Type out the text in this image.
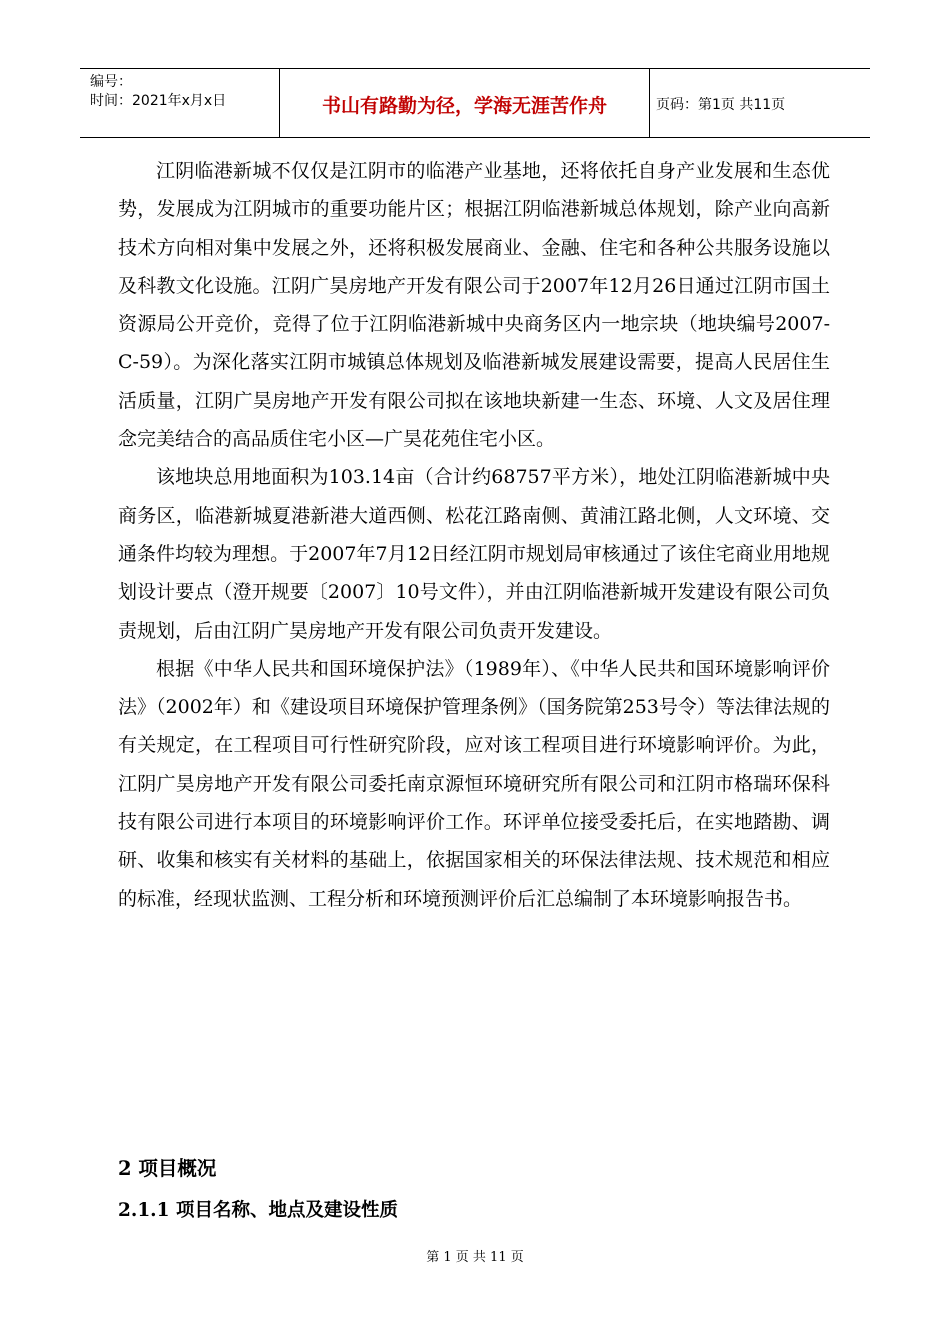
编号：
时间：2021年x月x日	书山有路勤为径，学海无涯苦作舟	页码：第1页 共11页

江阴临港新城不仅仅是江阴市的临港产业基地，还将依托自身产业发展和生态优势，发展成为江阴城市的重要功能片区；根据江阴临港新城总体规划，除产业向高新技术方向相对集中发展之外，还将积极发展商业、金融、住宅和各种公共服务设施以及科教文化设施。江阴广昊房地产开发有限公司于2007年12月26日通过江阴市国土资源局公开竞价，竞得了位于江阴临港新城中央商务区内一地宗块（地块编号2007-C-59）。为深化落实江阴市城镇总体规划及临港新城发展建设需要，提高人民居住生活质量，江阴广昊房地产开发有限公司拟在该地块新建一生态、环境、人文及居住理念完美结合的高品质住宅小区—广昊花苑住宅小区。

该地块总用地面积为103.14亩（合计约68757平方米），地处江阴临港新城中央商务区，临港新城夏港新港大道西侧、松花江路南侧、黄浦江路北侧，人文环境、交通条件均较为理想。于2007年7月12日经江阴市规划局审核通过了该住宅商业用地规划设计要点（澄开规要〔2007〕10号文件），并由江阴临港新城开发建设有限公司负责规划，后由江阴广昊房地产开发有限公司负责开发建设。

根据《中华人民共和国环境保护法》（1989年）、《中华人民共和国环境影响评价法》（2002年）和《建设项目环境保护管理条例》（国务院第253号令）等法律法规的有关规定，在工程项目可行性研究阶段，应对该工程项目进行环境影响评价。为此，江阴广昊房地产开发有限公司委托南京源恒环境研究所有限公司和江阴市格瑞环保科技有限公司进行本项目的环境影响评价工作。环评单位接受委托后，在实地踏勘、调研、收集和核实有关材料的基础上，依据国家相关的环保法律法规、技术规范和相应的标准，经现状监测、工程分析和环境预测评价后汇总编制了本环境影响报告书。

2 项目概况
2.1.1 项目名称、地点及建设性质
第 1 页 共 11 页
